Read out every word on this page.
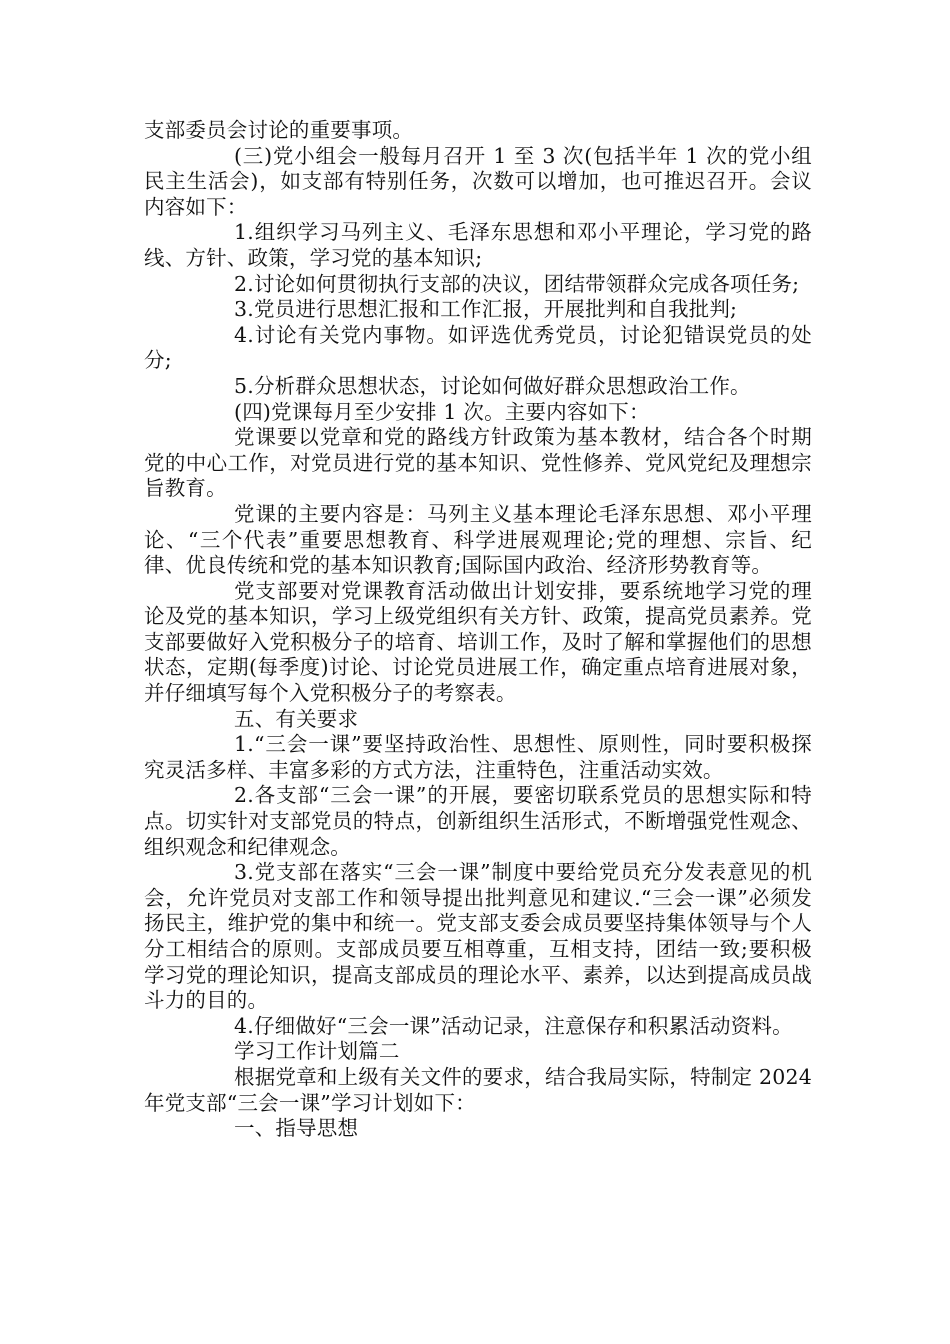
支部委员会讨论的重要事项。

(三)党小组会一般每月召开 1 至 3 次(包括半年 1 次的党小组民主生活会)，如支部有特别任务，次数可以增加，也可推迟召开。会议内容如下：

1.组织学习马列主义、毛泽东思想和邓小平理论，学习党的路线、方针、政策，学习党的基本知识;

2.讨论如何贯彻执行支部的决议，团结带领群众完成各项任务;

3.党员进行思想汇报和工作汇报，开展批判和自我批判;

4.讨论有关党内事物。如评选优秀党员，讨论犯错误党员的处分;

5.分析群众思想状态，讨论如何做好群众思想政治工作。

(四)党课每月至少安排 1 次。主要内容如下：

党课要以党章和党的路线方针政策为基本教材，结合各个时期党的中心工作，对党员进行党的基本知识、党性修养、党风党纪及理想宗旨教育。

党课的主要内容是：马列主义基本理论毛泽东思想、邓小平理论、“三个代表”重要思想教育、科学进展观理论;党的理想、宗旨、纪律、优良传统和党的基本知识教育;国际国内政治、经济形势教育等。

党支部要对党课教育活动做出计划安排，要系统地学习党的理论及党的基本知识，学习上级党组织有关方针、政策，提高党员素养。党支部要做好入党积极分子的培育、培训工作，及时了解和掌握他们的思想状态，定期(每季度)讨论、讨论党员进展工作，确定重点培育进展对象，并仔细填写每个入党积极分子的考察表。

五、有关要求

1.“三会一课”要坚持政治性、思想性、原则性，同时要积极探究灵活多样、丰富多彩的方式方法，注重特色，注重活动实效。

2.各支部“三会一课”的开展，要密切联系党员的思想实际和特点。切实针对支部党员的特点，创新组织生活形式，不断增强党性观念、组织观念和纪律观念。

3.党支部在落实“三会一课”制度中要给党员充分发表意见的机会，允许党员对支部工作和领导提出批判意见和建议.“三会一课”必须发扬民主，维护党的集中和统一。党支部支委会成员要坚持集体领导与个人分工相结合的原则。支部成员要互相尊重，互相支持，团结一致;要积极学习党的理论知识，提高支部成员的理论水平、素养，以达到提高成员战斗力的目的。

4.仔细做好“三会一课”活动记录，注意保存和积累活动资料。

学习工作计划篇二

根据党章和上级有关文件的要求，结合我局实际，特制定 2024 年党支部“三会一课”学习计划如下：

一、指导思想
